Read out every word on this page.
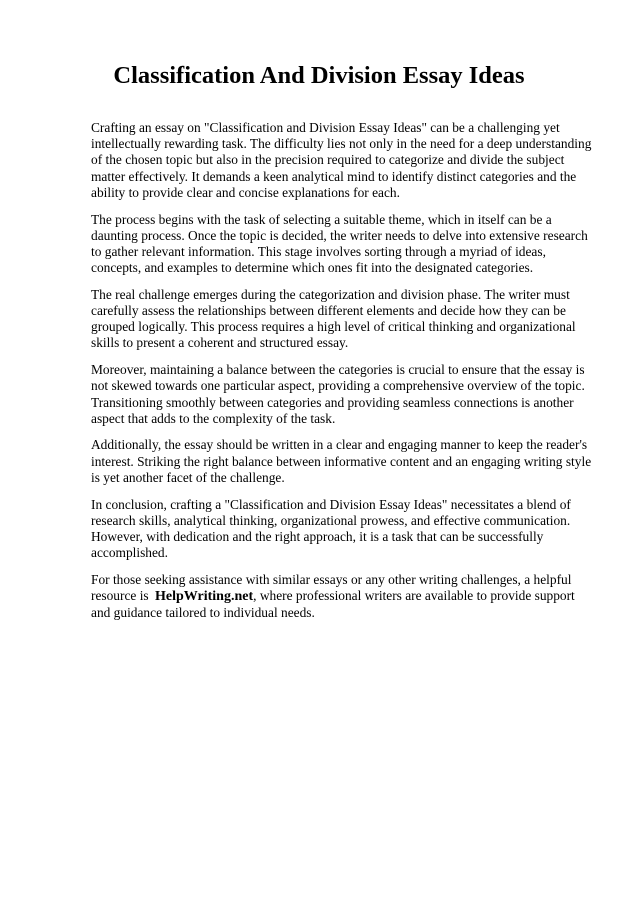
Classification And Division Essay Ideas

Crafting an essay on "Classification and Division Essay Ideas" can be a challenging yet intellectually rewarding task. The difficulty lies not only in the need for a deep understanding of the chosen topic but also in the precision required to categorize and divide the subject matter effectively. It demands a keen analytical mind to identify distinct categories and the ability to provide clear and concise explanations for each.

The process begins with the task of selecting a suitable theme, which in itself can be a daunting process. Once the topic is decided, the writer needs to delve into extensive research to gather relevant information. This stage involves sorting through a myriad of ideas, concepts, and examples to determine which ones fit into the designated categories.

The real challenge emerges during the categorization and division phase. The writer must carefully assess the relationships between different elements and decide how they can be grouped logically. This process requires a high level of critical thinking and organizational skills to present a coherent and structured essay.

Moreover, maintaining a balance between the categories is crucial to ensure that the essay is not skewed towards one particular aspect, providing a comprehensive overview of the topic. Transitioning smoothly between categories and providing seamless connections is another aspect that adds to the complexity of the task.

Additionally, the essay should be written in a clear and engaging manner to keep the reader's interest. Striking the right balance between informative content and an engaging writing style is yet another facet of the challenge.

In conclusion, crafting a "Classification and Division Essay Ideas" necessitates a blend of research skills, analytical thinking, organizational prowess, and effective communication. However, with dedication and the right approach, it is a task that can be successfully accomplished.

For those seeking assistance with similar essays or any other writing challenges, a helpful resource is HelpWriting.net, where professional writers are available to provide support and guidance tailored to individual needs.
